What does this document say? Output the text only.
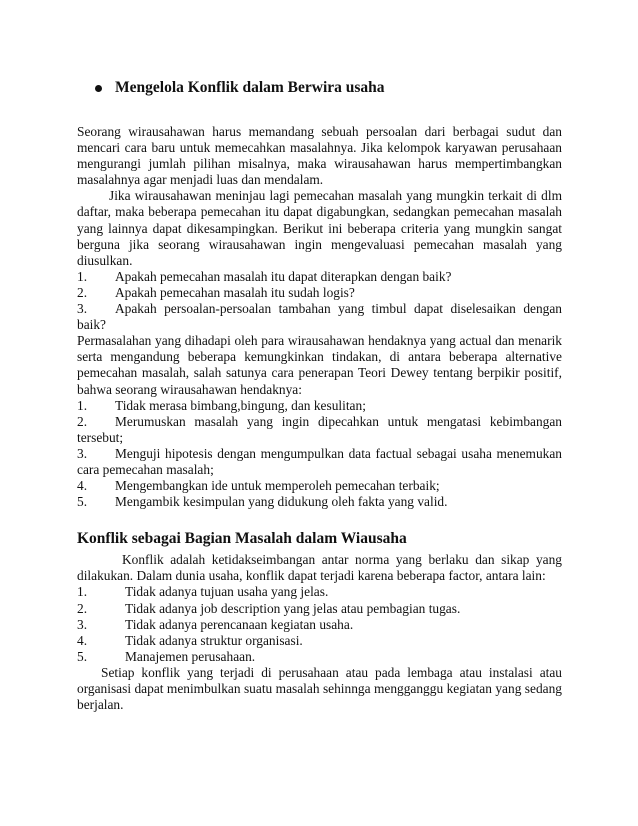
Mengelola Konflik dalam Berwira usaha

Seorang wirausahawan harus memandang sebuah persoalan dari berbagai sudut dan mencari cara baru untuk memecahkan masalahnya. Jika kelompok karyawan perusahaan mengurangi jumlah pilihan misalnya, maka wirausahawan harus mempertimbangkan masalahnya agar menjadi luas dan mendalam.

Jika wirausahawan meninjau lagi pemecahan masalah yang mungkin terkait di dlm daftar, maka beberapa pemecahan itu dapat digabungkan, sedangkan pemecahan masalah yang lainnya dapat dikesampingkan. Berikut ini beberapa criteria yang mungkin sangat berguna jika seorang wirausahawan ingin mengevaluasi pemecahan masalah yang diusulkan.

1.	Apakah pemecahan masalah itu dapat diterapkan dengan baik?
2.	Apakah pemecahan masalah itu sudah logis?

3. Apakah persoalan-persoalan tambahan yang timbul dapat diselesaikan dengan baik?

Permasalahan yang dihadapi oleh para wirausahawan hendaknya yang actual dan menarik serta mengandung beberapa kemungkinkan tindakan, di antara beberapa alternative pemecahan masalah, salah satunya cara penerapan Teori Dewey tentang berpikir positif, bahwa seorang wirausahawan hendaknya:

1.	Tidak merasa bimbang,bingung, dan kesulitan;

2. Merumuskan masalah yang ingin dipecahkan untuk mengatasi kebimbangan tersebut;

3. Menguji hipotesis dengan mengumpulkan data factual sebagai usaha menemukan cara pemecahan masalah;

4.	Mengembangkan ide untuk memperoleh pemecahan terbaik;
5.	Mengambik kesimpulan yang didukung oleh fakta yang valid.
Konflik sebagai Bagian Masalah dalam Wiausaha

Konflik adalah ketidakseimbangan antar norma yang berlaku dan sikap yang dilakukan. Dalam dunia usaha, konflik dapat terjadi karena beberapa factor, antara lain:

1.	Tidak adanya tujuan usaha yang jelas.
2.	Tidak adanya job description yang jelas atau pembagian tugas.
3.	Tidak adanya perencanaan kegiatan usaha.
4.	Tidak adanya struktur organisasi.
5.	Manajemen perusahaan.

Setiap konflik yang terjadi di perusahaan atau pada lembaga atau instalasi atau organisasi dapat menimbulkan suatu masalah sehinnga mengganggu kegiatan yang sedang berjalan.
